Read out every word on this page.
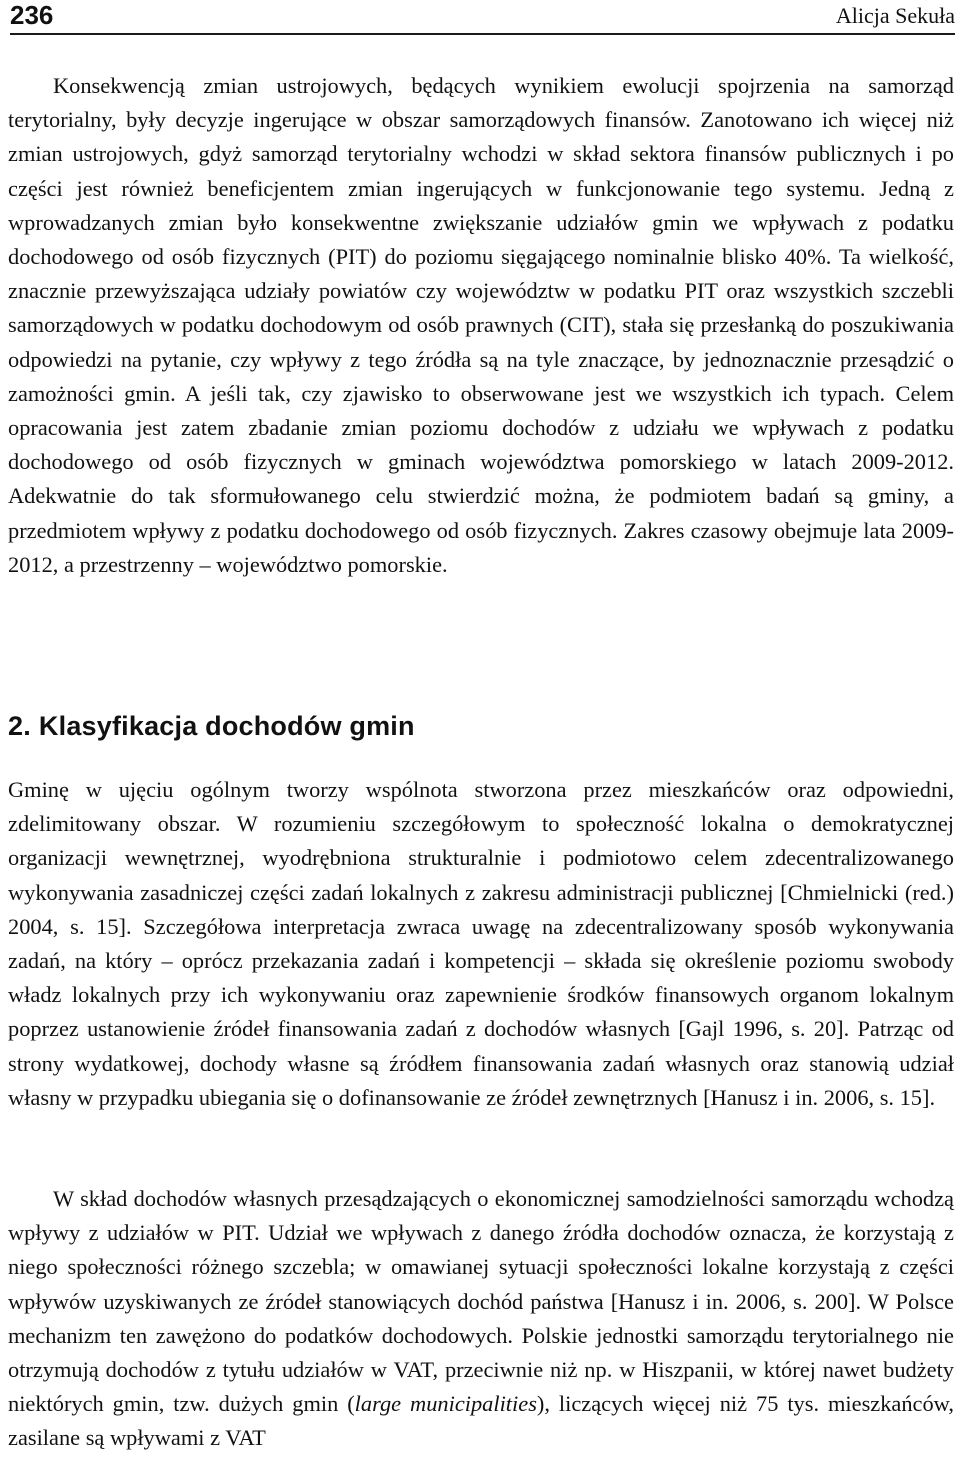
236	Alicja Sekuła

Konsekwencją zmian ustrojowych, będących wynikiem ewolucji spojrzenia na samorząd terytorialny, były decyzje ingerujące w obszar samorządowych finansów. Zanotowano ich więcej niż zmian ustrojowych, gdyż samorząd terytorialny wchodzi w skład sektora finansów publicznych i po części jest również beneficjentem zmian ingerujących w funkcjonowanie tego systemu. Jedną z wprowadzanych zmian było konsekwentne zwiększanie udziałów gmin we wpływach z podatku dochodowego od osób fizycznych (PIT) do poziomu sięgającego nominalnie blisko 40%. Ta wielkość, znacznie przewyższająca udziały powiatów czy województw w podatku PIT oraz wszystkich szczebli samorządowych w podatku dochodowym od osób prawnych (CIT), stała się przesłanką do poszukiwania odpowiedzi na pytanie, czy wpływy z tego źródła są na tyle znaczące, by jednoznacznie przesądzić o zamożności gmin. A jeśli tak, czy zjawisko to obserwowane jest we wszystkich ich typach. Celem opracowania jest zatem zbadanie zmian poziomu dochodów z udziału we wpływach z podatku dochodowego od osób fizycznych w gminach województwa pomorskiego w latach 2009-2012. Adekwatnie do tak sformułowanego celu stwierdzić można, że podmiotem badań są gminy, a przedmiotem wpływy z podatku dochodowego od osób fizycznych. Zakres czasowy obejmuje lata 2009-2012, a przestrzenny – województwo pomorskie.

2. Klasyfikacja dochodów gmin

Gminę w ujęciu ogólnym tworzy wspólnota stworzona przez mieszkańców oraz odpowiedni, zdelimitowany obszar. W rozumieniu szczegółowym to społeczność lokalna o demokratycznej organizacji wewnętrznej, wyodrębniona strukturalnie i podmiotowo celem zdecentralizowanego wykonywania zasadniczej części zadań lokalnych z zakresu administracji publicznej [Chmielnicki (red.) 2004, s. 15]. Szczegółowa interpretacja zwraca uwagę na zdecentralizowany sposób wykonywania zadań, na który – oprócz przekazania zadań i kompetencji – składa się określenie poziomu swobody władz lokalnych przy ich wykonywaniu oraz zapewnienie środków finansowych organom lokalnym poprzez ustanowienie źródeł finansowania zadań z dochodów własnych [Gajl 1996, s. 20]. Patrząc od strony wydatkowej, dochody własne są źródłem finansowania zadań własnych oraz stanowią udział własny w przypadku ubiegania się o dofinansowanie ze źródeł zewnętrznych [Hanusz i in. 2006, s. 15].

W skład dochodów własnych przesądzających o ekonomicznej samodzielności samorządu wchodzą wpływy z udziałów w PIT. Udział we wpływach z danego źródła dochodów oznacza, że korzystają z niego społeczności różnego szczebla; w omawianej sytuacji społeczności lokalne korzystają z części wpływów uzyskiwanych ze źródeł stanowiących dochód państwa [Hanusz i in. 2006, s. 200]. W Polsce mechanizm ten zawężono do podatków dochodowych. Polskie jednostki samorządu terytorialnego nie otrzymują dochodów z tytułu udziałów w VAT, przeciwnie niż np. w Hiszpanii, w której nawet budżety niektórych gmin, tzw. dużych gmin (large municipalities), liczących więcej niż 75 tys. mieszkańców, zasilane są wpływami z VAT
